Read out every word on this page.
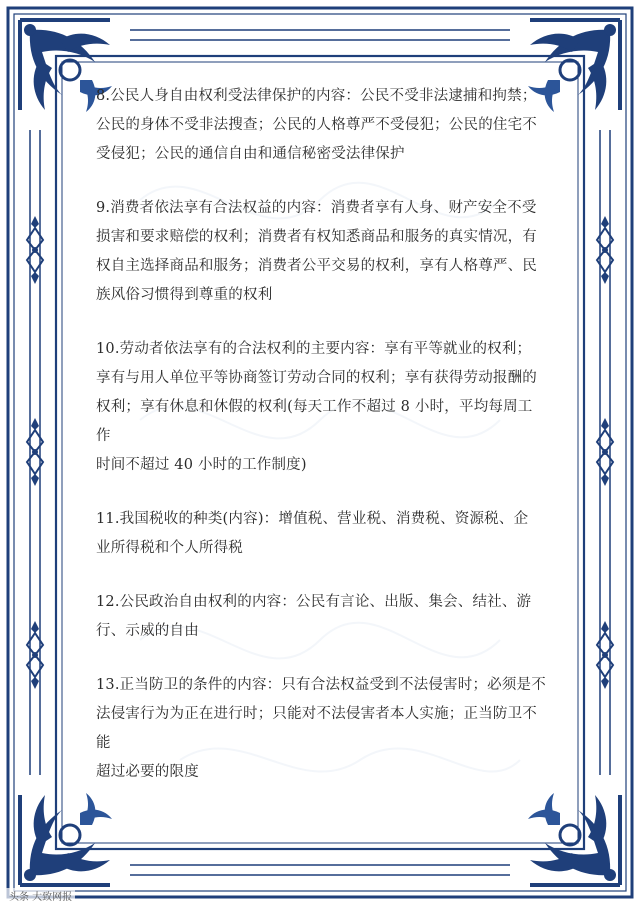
8.公民人身自由权利受法律保护的内容：公民不受非法逮捕和拘禁；

公民的身体不受非法搜查；公民的人格尊严不受侵犯；公民的住宅不

受侵犯；公民的通信自由和通信秘密受法律保护

9.消费者依法享有合法权益的内容：消费者享有人身、财产安全不受

损害和要求赔偿的权利；消费者有权知悉商品和服务的真实情况，有

权自主选择商品和服务；消费者公平交易的权利，享有人格尊严、民

族风俗习惯得到尊重的权利

10.劳动者依法享有的合法权利的主要内容：享有平等就业的权利；

享有与用人单位平等协商签订劳动合同的权利；享有获得劳动报酬的

权利；享有休息和休假的权利(每天工作不超过 8 小时，平均每周工作

时间不超过 40 小时的工作制度)

11.我国税收的种类(内容)：增值税、营业税、消费税、资源税、企

业所得税和个人所得税

12.公民政治自由权利的内容：公民有言论、出版、集会、结社、游

行、示威的自由

13.正当防卫的条件的内容：只有合法权益受到不法侵害时；必须是不

法侵害行为为正在进行时；只能对不法侵害者本人实施；正当防卫不能

超过必要的限度

头条 大致网报
